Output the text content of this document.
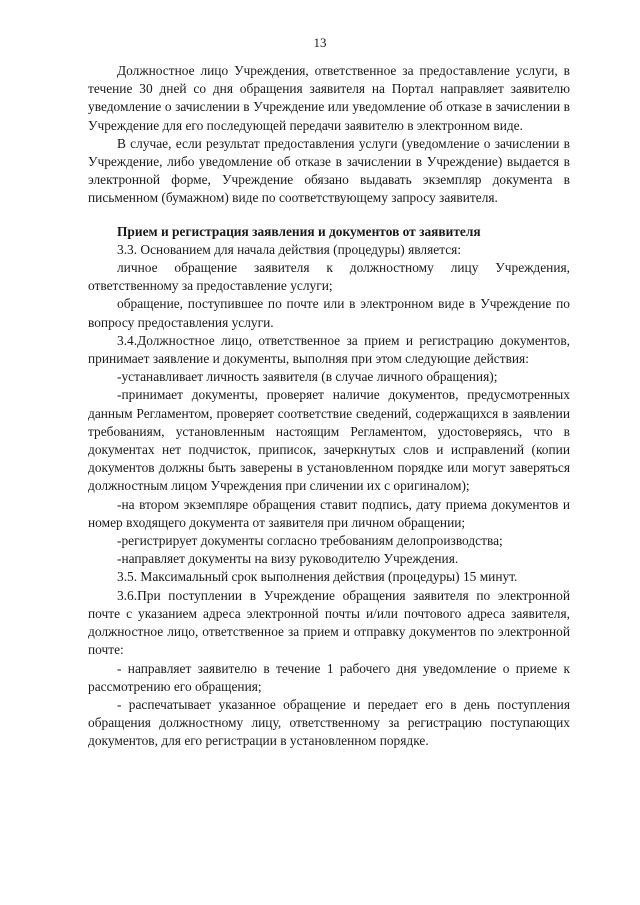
13

Должностное лицо Учреждения, ответственное за предоставление услуги, в течение 30 дней со дня обращения заявителя на Портал направляет заявителю уведомление о зачислении в Учреждение или уведомление об отказе в зачислении в Учреждение для его последующей передачи заявителю в электронном виде.

В случае, если результат предоставления услуги (уведомление о зачислении в Учреждение, либо уведомление об отказе в зачислении в Учреждение) выдается в электронной форме, Учреждение обязано выдавать экземпляр документа в письменном (бумажном) виде по соответствующему запросу заявителя.

Прием и регистрация заявления и документов от заявителя

3.3. Основанием для начала действия (процедуры) является:

личное обращение заявителя к должностному лицу Учреждения, ответственному за предоставление услуги;

обращение, поступившее по почте или в электронном виде в Учреждение по вопросу предоставления услуги.

3.4.Должностное лицо, ответственное за прием и регистрацию документов, принимает заявление и документы, выполняя при этом следующие действия:

-устанавливает личность заявителя (в случае личного обращения);

-принимает документы, проверяет наличие документов, предусмотренных данным Регламентом, проверяет соответствие сведений, содержащихся в заявлении требованиям, установленным настоящим Регламентом, удостоверяясь, что в документах нет подчисток, приписок, зачеркнутых слов и исправлений (копии документов должны быть заверены в установленном порядке или могут заверяться должностным лицом Учреждения при сличении их с оригиналом);

-на втором экземпляре обращения ставит подпись, дату приема документов и номер входящего документа от заявителя при личном обращении;

-регистрирует документы согласно требованиям делопроизводства;

-направляет документы на визу руководителю Учреждения.

3.5. Максимальный срок выполнения действия (процедуры) 15 минут.

3.6.При поступлении в Учреждение обращения заявителя по электронной почте с указанием адреса электронной почты и/или почтового адреса заявителя, должностное лицо, ответственное за прием и отправку документов по электронной почте:

- направляет заявителю в течение 1 рабочего дня уведомление о приеме к рассмотрению его обращения;

- распечатывает указанное обращение и передает его в день поступления обращения должностному лицу, ответственному за регистрацию поступающих документов, для его регистрации в установленном порядке.
